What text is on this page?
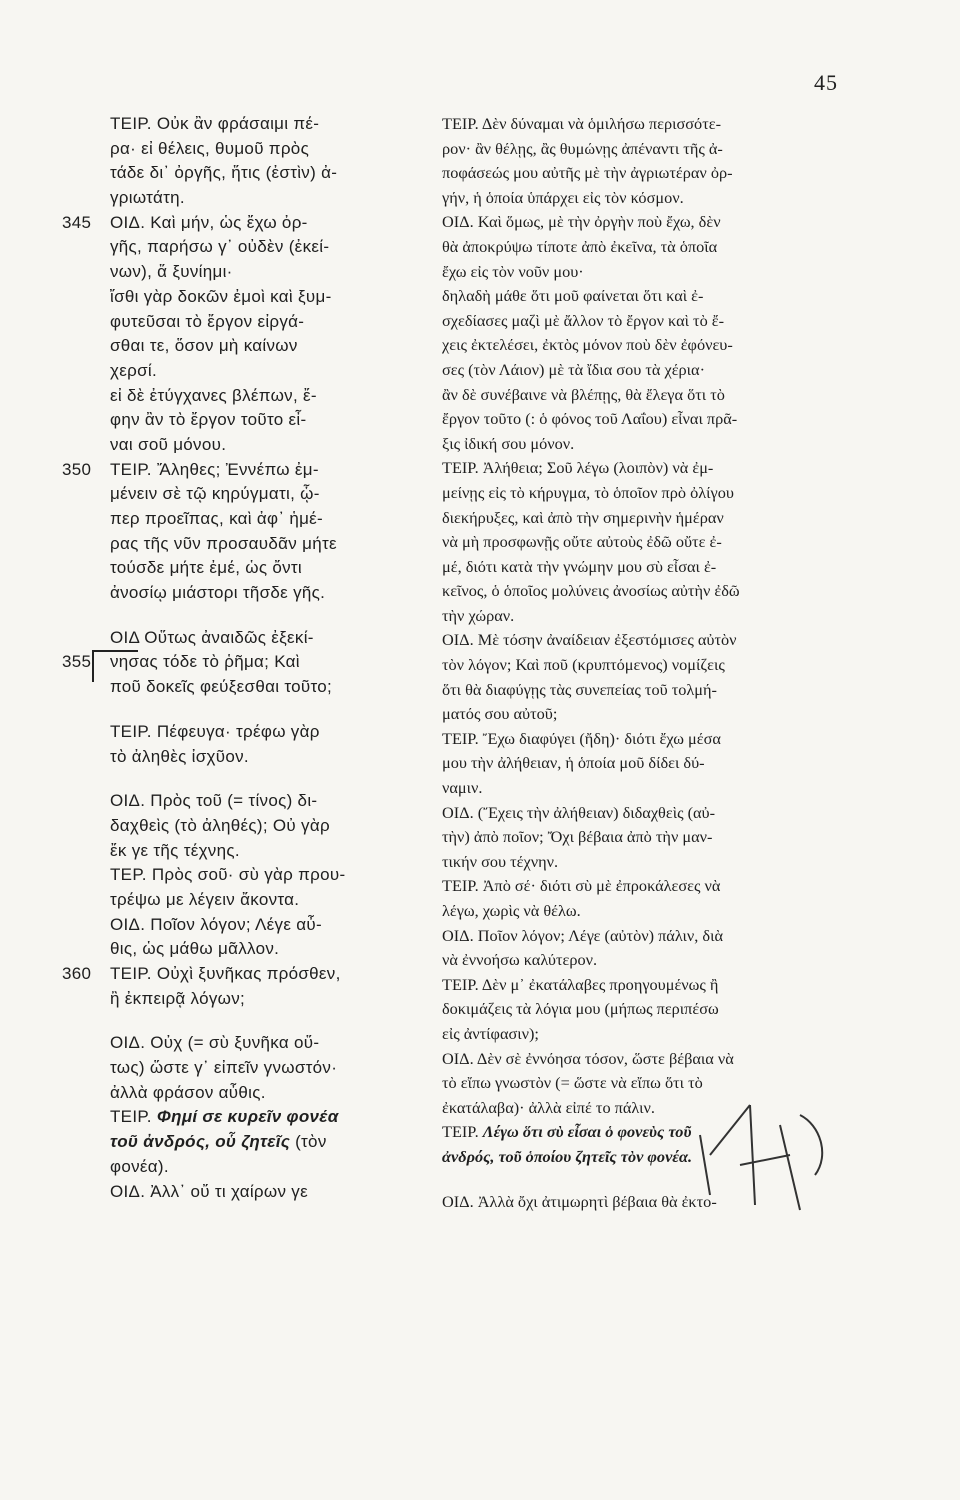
45
ΤΕΙΡ. Οὐκ ἂν φράσαιμι πέ-
ρα· εἰ θέλεις, θυμοῦ πρὸς
τάδε δι᾽ ὀργῆς, ἥτις (ἐστὶν) ἀ-
γριωτάτη.
345 ΟΙΔ. Καὶ μήν, ὡς ἔχω ὀρ-
γῆς, παρήσω γ᾽ οὐδὲν (ἐκεί-
νων), ἅ ξυνίημι·
ἴσθι γὰρ δοκῶν ἐμοὶ καὶ ξυμ-
φυτεῦσαι τὸ ἔργον εἰργά-
σθαι τε, ὅσον μὴ καίνων
χερσί.
εἰ δὲ ἐτύγχανες βλέπων, ἔ-
φην ἂν τὸ ἔργον τοῦτο εἶ-
ναι σοῦ μόνου.
350 ΤΕΙΡ. Ἄληθες; Ἐννέπω ἐμ-
μένειν σὲ τῷ κηρύγματι, ᾧ-
περ προεῖπας, καὶ ἀφ᾽ ἡμέ-
ρας τῆς νῦν προσαυδᾶν μήτε
τούσδε μήτε ἐμέ, ὡς ὄντι
ἀνοσίῳ μιάστορι τῆσδε γῆς.
ΟΙΔ Οὕτως ἀναιδῶς ἐξεκί-
355 νησας τόδε τὸ ῥῆμα; Καὶ
ποῦ δοκεῖς φεύξεσθαι τοῦτο;
ΤΕΙΡ. Πέφευγα· τρέφω γὰρ
τὸ ἀληθὲς ἰσχῦον.
ΟΙΔ. Πρὸς τοῦ (= τίνος) δι-
δαχθεὶς (τὸ ἀληθές); Οὐ γὰρ
ἔκ γε τῆς τέχνης.
ΤΕΡ. Πρὸς σοῦ· σὺ γὰρ πρου-
τρέψω με λέγειν ἄκοντα.
ΟΙΔ. Ποῖον λόγον; Λέγε αὖ-
θις, ὡς μάθω μᾶλλον.
360 ΤΕΙΡ. Οὐχὶ ξυνῆκας πρόσθεν,
ἢ ἐκπειρᾷ λόγων;
ΟΙΔ. Οὐχ (= σὺ ξυνῆκα οὕ-
τως) ὥστε γ᾽ εἰπεῖν γνωστόν·
ἀλλὰ φράσον αὖθις.
ΤΕΙΡ. Φημί σε κυρεῖν φονέα
τοῦ ἀνδρός, οὗ ζητεῖς (τὸν
φονέα).
ΟΙΔ. Ἀλλ᾽ οὔ τι χαίρων γε
ΤΕΙΡ. Δὲν δύναμαι νὰ ὁμιλήσω περισσότε-
ρον· ἂν θέλῃς, ἂς θυμώνῃς ἀπέναντι τῆς ἀ-
ποφάσεώς μου αὐτῆς μὲ τὴν ἀγριωτέραν ὀρ-
γήν, ἡ ὁποία ὑπάρχει εἰς τὸν κόσμον.
ΟΙΔ. Καὶ ὅμως, μὲ τὴν ὀργὴν ποὺ ἔχω, δὲν
θὰ ἀποκρύψω τίποτε ἀπὸ ἐκεῖνα, τὰ ὁποῖα
ἔχω εἰς τὸν νοῦν μου·
δηλαδὴ μάθε ὅτι μοῦ φαίνεται ὅτι καὶ ἐ-
σχεδίασες μαζὶ μὲ ἄλλον τὸ ἔργον καὶ τὸ ἔ-
χεις ἐκτελέσει, ἐκτὸς μόνον ποὺ δὲν ἐφόνευ-
σες (τὸν Λάιον) μὲ τὰ ἴδια σου τὰ χέρια·
ἂν δὲ συνέβαινε νὰ βλέπῃς, θὰ ἔλεγα ὅτι τὸ
ἔργον τοῦτο (: ὁ φόνος τοῦ Λαΐου) εἶναι πρᾶ-
ξις ἰδική σου μόνον.
ΤΕΙΡ. Ἀλήθεια; Σοῦ λέγω (λοιπὸν) νὰ ἐμ-
μείνῃς εἰς τὸ κήρυγμα, τὸ ὁποῖον πρὸ ὀλίγου
διεκήρυξες, καὶ ἀπὸ τὴν σημερινὴν ἡμέραν
νὰ μὴ προσφωνῇς οὔτε αὐτοὺς ἐδῶ οὔτε ἐ-
μέ, διότι κατὰ τὴν γνώμην μου σὺ εἶσαι ἐ-
κεῖνος, ὁ ὁποῖος μολύνεις ἀνοσίως αὐτὴν ἐδῶ
τὴν χώραν.
ΟΙΔ. Μὲ τόσην ἀναίδειαν ἐξεστόμισες αὐτὸν
τὸν λόγον; Καὶ ποῦ (κρυπτόμενος) νομίζεις
ὅτι θὰ διαφύγῃς τὰς συνεπείας τοῦ τολμή-
ματός σου αὐτοῦ;
ΤΕΙΡ. Ἔχω διαφύγει (ἤδη)· διότι ἔχω μέσα
μου τὴν ἀλήθειαν, ἡ ὁποία μοῦ δίδει δύ-
ναμιν.
ΟΙΔ. (Ἔχεις τὴν ἀλήθειαν) διδαχθεὶς (αὐ-
τὴν) ἀπὸ ποῖον; Ὄχι βέβαια ἀπὸ τὴν μαν-
τικήν σου τέχνην.
ΤΕΙΡ. Ἀπὸ σέ· διότι σὺ μὲ ἐπροκάλεσες νὰ
λέγω, χωρὶς νὰ θέλω.
ΟΙΔ. Ποῖον λόγον; Λέγε (αὐτὸν) πάλιν, διὰ
νὰ ἐννοήσω καλύτερον.
ΤΕΙΡ. Δὲν μ᾽ ἐκατάλαβες προηγουμένως ἢ
δοκιμάζεις τὰ λόγια μου (μήπως περιπέσω
εἰς ἀντίφασιν);
ΟΙΔ. Δὲν σὲ ἐννόησα τόσον, ὥστε βέβαια νὰ
τὸ εἴπω γνωστὸν (= ὥστε νὰ εἴπω ὅτι τὸ
ἐκατάλαβα)· ἀλλὰ εἰπέ το πάλιν.
ΤΕΙΡ. Λέγω ὅτι σὺ εἶσαι ὁ φονεὺς τοῦ
ἀνδρός, τοῦ ὁποίου ζητεῖς τὸν φονέα.
ΟΙΔ. Ἀλλὰ ὄχι ἀτιμωρητὶ βέβαια θὰ ἐκτο-
